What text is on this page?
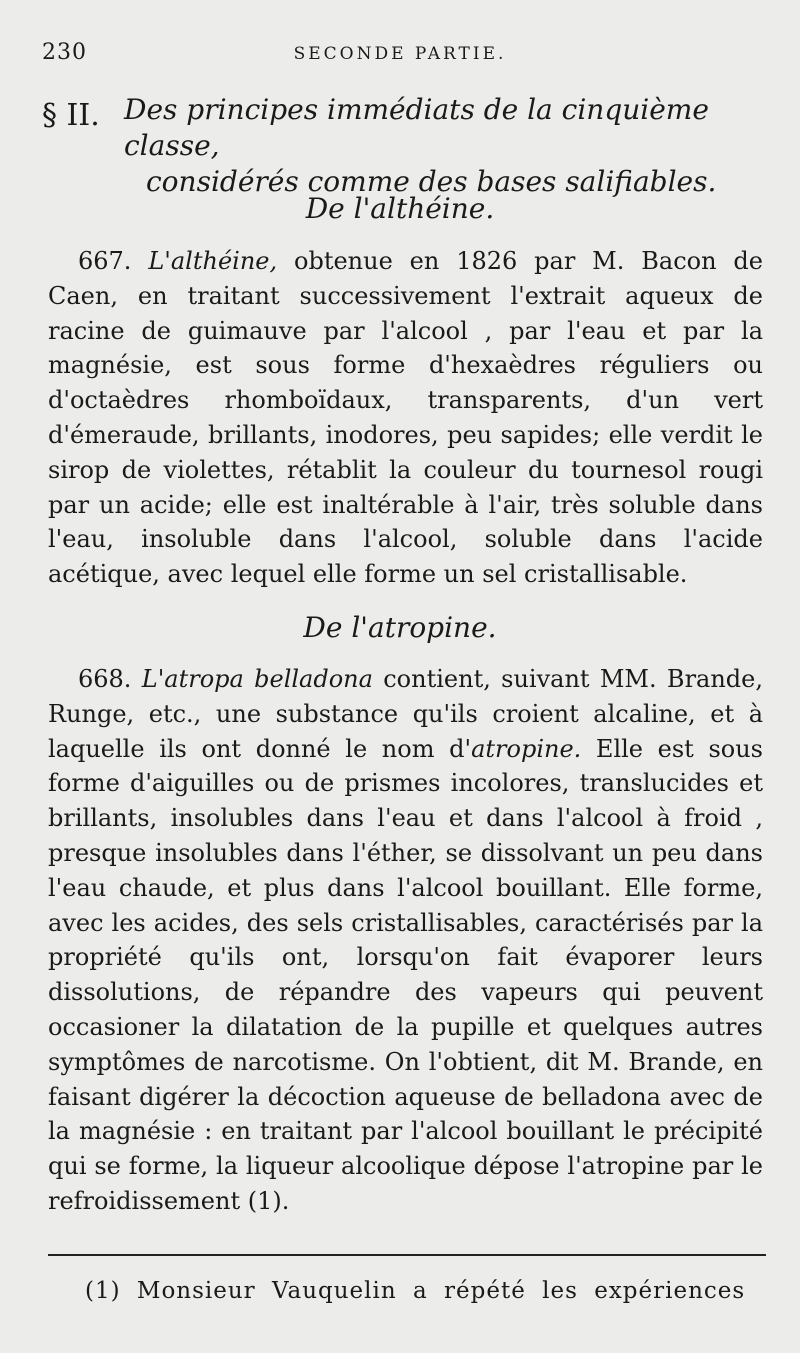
230	SECONDE PARTIE.
§ II. Des principes immédiats de la cinquième classe,
considérés comme des bases salifiables.
De l'althéine.

667. L'althéine, obtenue en 1826 par M. Bacon de Caen, en traitant successivement l'extrait aqueux de racine de guimauve par l'alcool , par l'eau et par la magnésie, est sous forme d'hexaèdres réguliers ou d'octaèdres rhomboïdaux, transparents, d'un vert d'émeraude, brillants, inodores, peu sapides; elle verdit le sirop de violettes, rétablit la couleur du tournesol rougi par un acide; elle est inaltérable à l'air, très soluble dans l'eau, insoluble dans l'alcool, soluble dans l'acide acétique, avec lequel elle forme un sel cristallisable.

De l'atropine.

668. L'atropa belladona contient, suivant MM. Brande, Runge, etc., une substance qu'ils croient alcaline, et à laquelle ils ont donné le nom d'atropine. Elle est sous forme d'aiguilles ou de prismes incolores, translucides et brillants, insolubles dans l'eau et dans l'alcool à froid , presque insolubles dans l'éther, se dissolvant un peu dans l'eau chaude, et plus dans l'alcool bouillant. Elle forme, avec les acides, des sels cristallisables, caractérisés par la propriété qu'ils ont, lorsqu'on fait évaporer leurs dissolutions, de répandre des vapeurs qui peuvent occasioner la dilatation de la pupille et quelques autres symptômes de narcotisme. On l'obtient, dit M. Brande, en faisant digérer la décoction aqueuse de belladona avec de la magnésie : en traitant par l'alcool bouillant le précipité qui se forme, la liqueur alcoolique dépose l'atropine par le refroidissement (1).

(1) Monsieur Vauquelin a répété les expériences
